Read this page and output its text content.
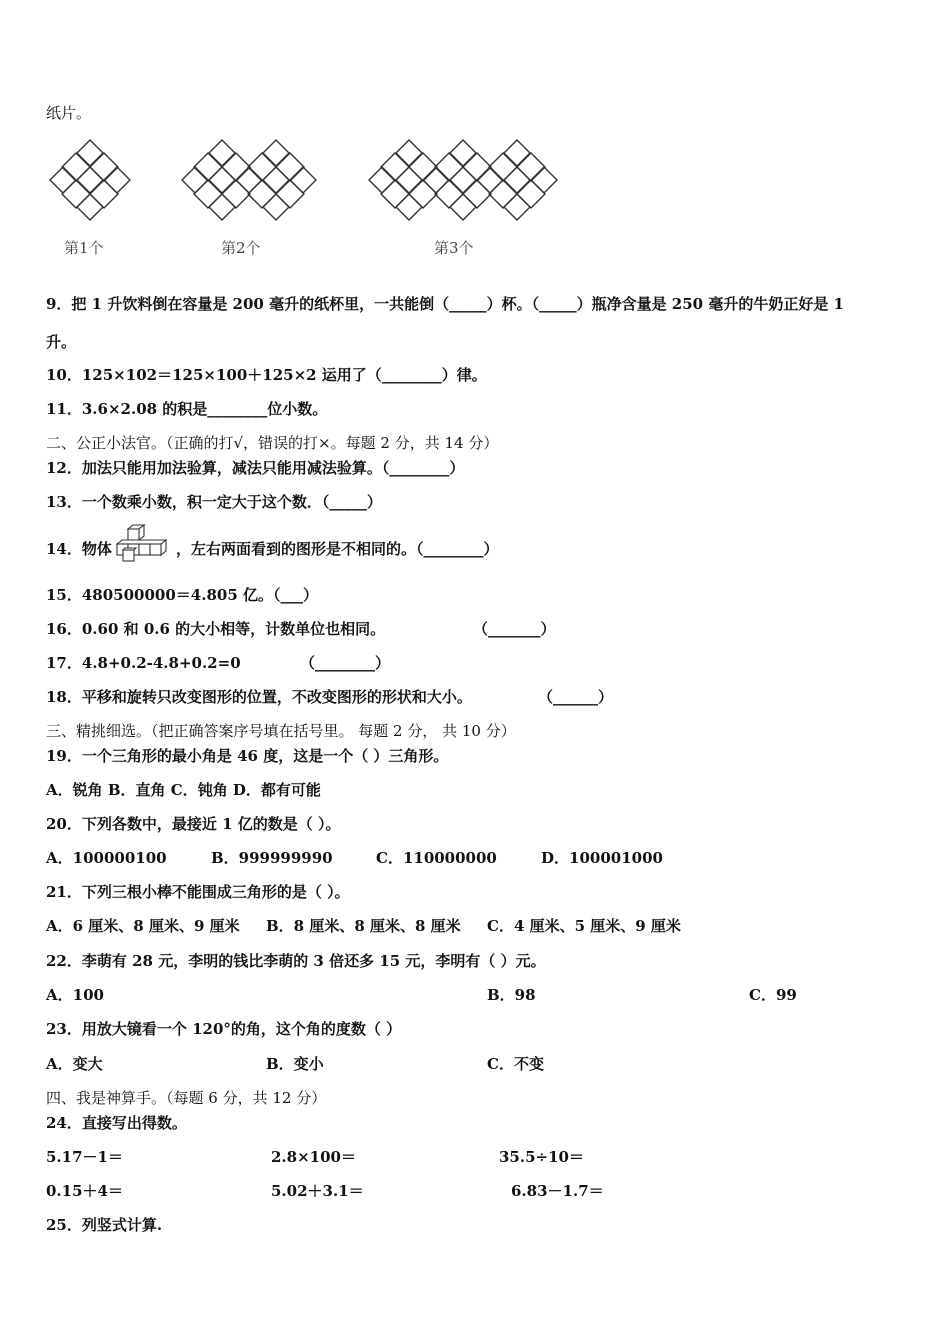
纸片。
第1个	第2个	第3个
9．把 1 升饮料倒在容量是 200 毫升的纸杯里，一共能倒（_____）杯。（_____）瓶净含量是 250 毫升的牛奶正好是 1
升。
10．125×102＝125×100＋125×2 运用了（________）律。
11．3.6×2.08 的积是________位小数。
二、公正小法官。（正确的打√，错误的打×。每题 2 分，共 14 分）
12．加法只能用加法验算，减法只能用减法验算。（________）
13．一个数乘小数，积一定大于这个数．（_____）
14．物体	，左右两面看到的图形是不相同的。（________）
15．480500000＝4.805 亿。（___）
16．0.60 和 0.6 的大小相等，计数单位也相同。	（_______）
17．4.8+0.2-4.8+0.2=0	（________）
18．平移和旋转只改变图形的位置，不改变图形的形状和大小。	（______）
三、精挑细选。（把正确答案序号填在括号里。 每题 2 分， 共 10 分）
19．一个三角形的最小角是 46 度，这是一个（ ）三角形。
A．锐角 B．直角 C．钝角 D．都有可能
20．下列各数中，最接近 1 亿的数是（ ）。
A．100000100	B．999999990	C．110000000	D．100001000
21．下列三根小棒不能围成三角形的是（ ）。
A．6 厘米、8 厘米、9 厘米 B．8 厘米、8 厘米、8 厘米 C．4 厘米、5 厘米、9 厘米
22．李萌有 28 元，李明的钱比李萌的 3 倍还多 15 元，李明有（ ）元。
A．100	B．98	C．99
23．用放大镜看一个 120°的角，这个角的度数（ ）
A．变大	B．变小	C．不变
四、我是神算手。（每题 6 分，共 12 分）
24．直接写出得数。
5.17－1＝	2.8×100＝	35.5÷10＝
0.15＋4＝	5.02＋3.1＝	6.83－1.7＝
25．列竖式计算.
